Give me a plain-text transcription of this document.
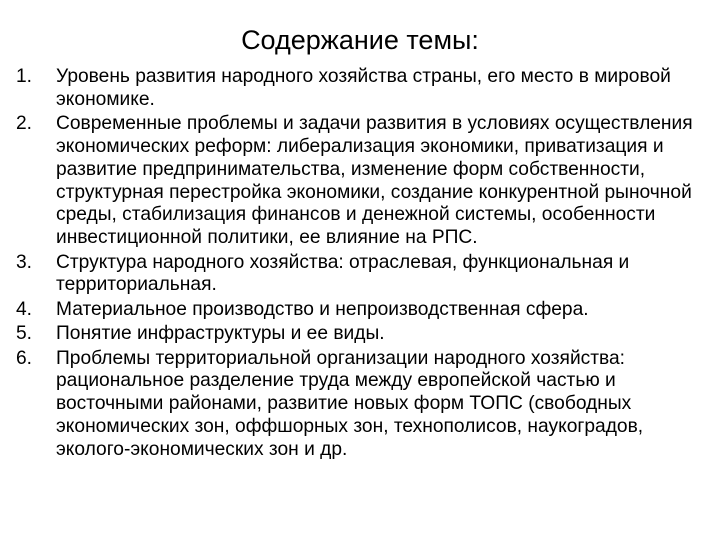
Содержание темы:
1.	Уровень развития народного хозяйства страны, его место в мировой экономике.
2.	Современные проблемы и задачи развития в условиях осуществления экономических реформ: либерализация экономики, приватизация и развитие предпринимательства, изменение форм собственности, структурная перестройка экономики, создание конкурентной рыночной среды, стабилизация финансов и денежной системы, особенности инвестиционной политики, ее влияние на РПС.
3.	Структура народного хозяйства: отраслевая, функциональная и территориальная.
4.	Материальное производство и непроизводственная сфера.
5.	Понятие инфраструктуры и ее виды.
6.	Проблемы территориальной организации народного хозяйства: рациональное разделение труда между европейской частью и восточными районами, развитие новых форм ТОПС (свободных экономических зон, оффшорных зон, технополисов, наукоградов, эколого-экономических зон и др.
